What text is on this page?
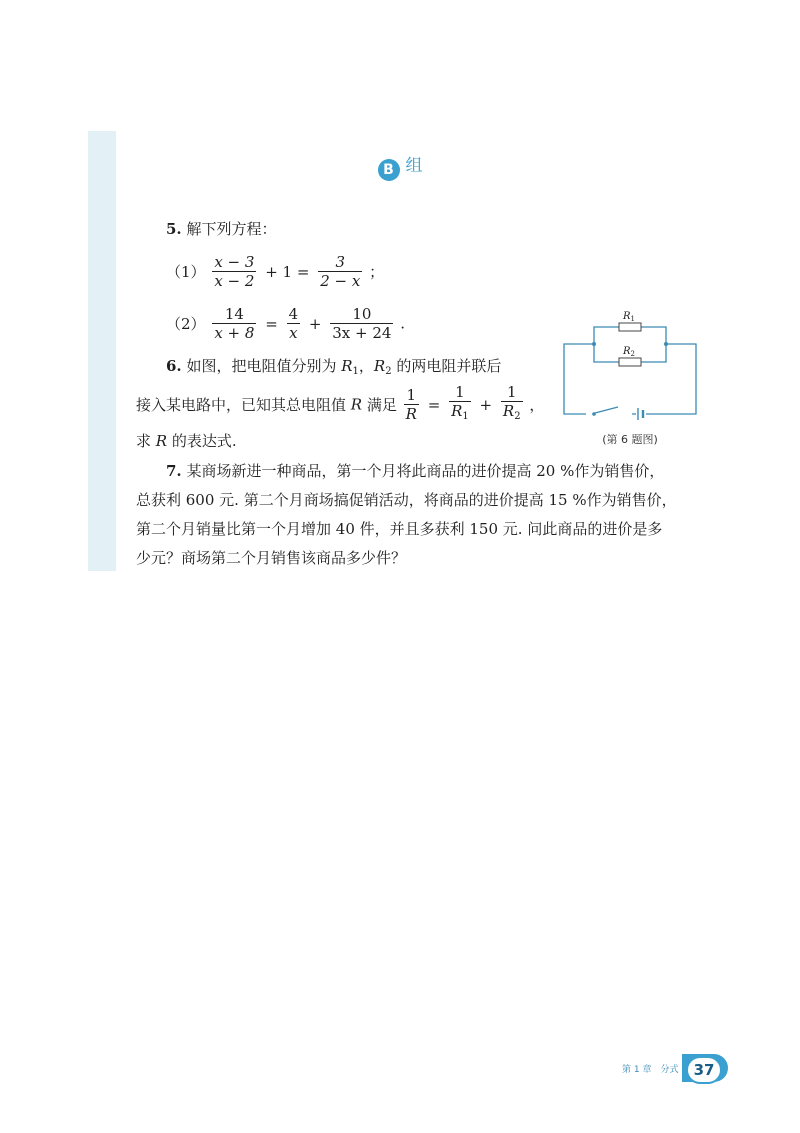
B 组
5. 解下列方程：
$(1) \frac{x - 3}{x - 2} + 1 = \frac{3}{2 - x}$ ；
$(2) \frac{14}{x + 8} = \frac{4}{x} + \frac{10}{3x + 24}$ .
6. 如图，把电阻值分别为 $R_1$，$R_2$ 的两电阻并联后
接入某电路中，已知其总电阻值 R 满足 $\frac{1}{R} = \frac{1}{R_1} + \frac{1}{R_2}$ ，
求 R 的表达式.
$R_1$
$R_2$
(第 6 题图)
7. 某商场新进一种商品，第一个月将此商品的进价提高 20 %作为销售价，
总获利 600 元. 第二个月商场搞促销活动，将商品的进价提高 15 %作为销售价，
第二个月销量比第一个月增加 40 件，并且多获利 150 元. 问此商品的进价是多
少元？商场第二个月销售该商品多少件？
第 1 章　分式	37
